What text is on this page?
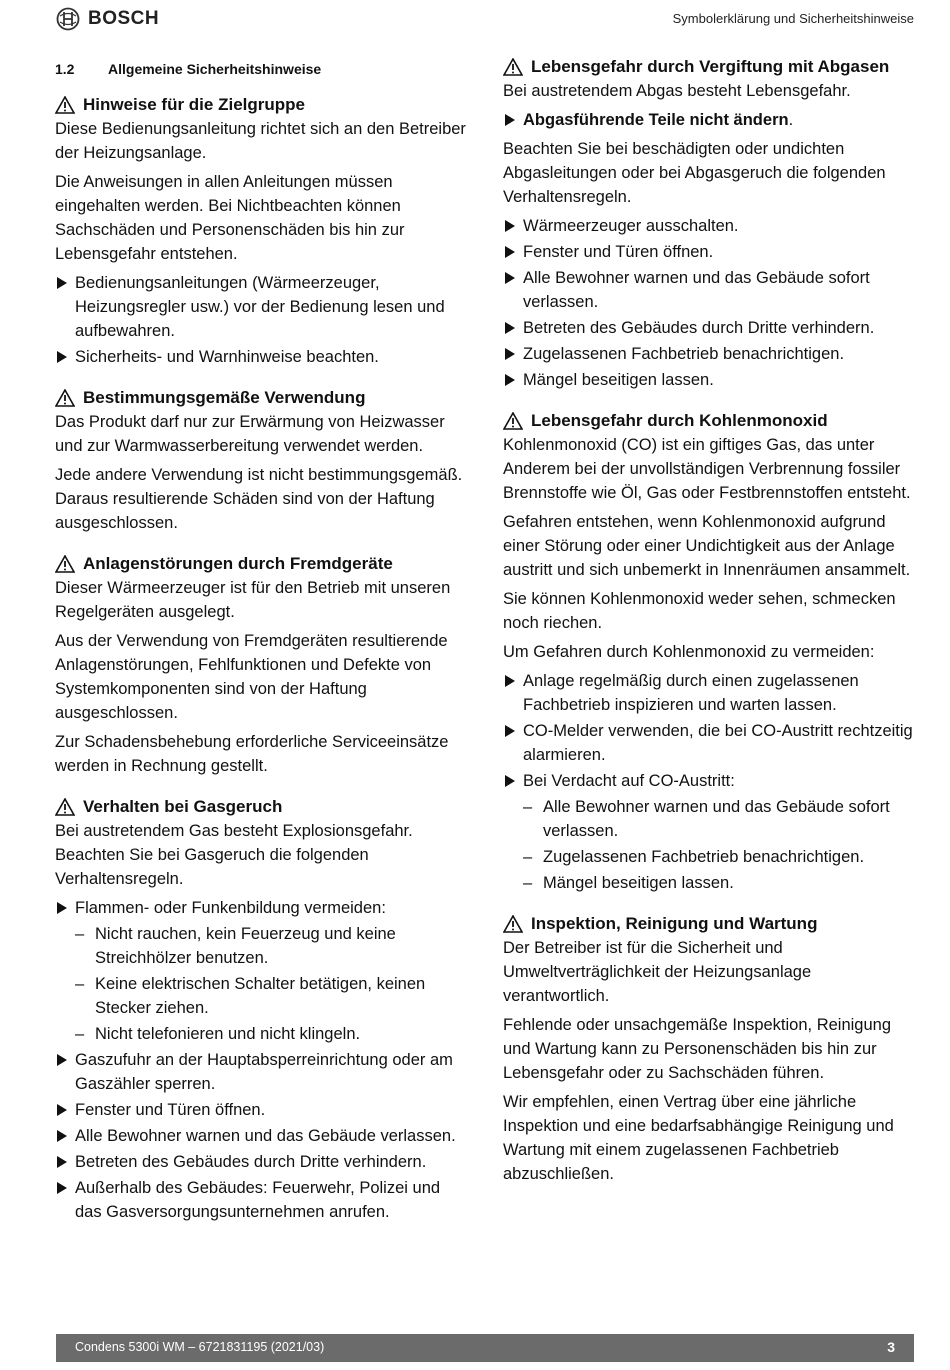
BOSCH	Symbolerklärung und Sicherheitshinweise
1.2 Allgemeine Sicherheitshinweise
Hinweise für die Zielgruppe

Diese Bedienungsanleitung richtet sich an den Betreiber der Heizungsanlage.

Die Anweisungen in allen Anleitungen müssen eingehalten werden. Bei Nichtbeachten können Sachschäden und Personenschäden bis hin zur Lebensgefahr entstehen.

Bedienungsanleitungen (Wärmeerzeuger, Heizungsregler usw.) vor der Bedienung lesen und aufbewahren.
Sicherheits- und Warnhinweise beachten.
Bestimmungsgemäße Verwendung

Das Produkt darf nur zur Erwärmung von Heizwasser und zur Warmwasserbereitung verwendet werden.

Jede andere Verwendung ist nicht bestimmungsgemäß. Daraus resultierende Schäden sind von der Haftung ausgeschlossen.

Anlagenstörungen durch Fremdgeräte

Dieser Wärmeerzeuger ist für den Betrieb mit unseren Regelgeräten ausgelegt.

Aus der Verwendung von Fremdgeräten resultierende Anlagenstörungen, Fehlfunktionen und Defekte von Systemkomponenten sind von der Haftung ausgeschlossen.

Zur Schadensbehebung erforderliche Serviceeinsätze werden in Rechnung gestellt.

Verhalten bei Gasgeruch

Bei austretendem Gas besteht Explosionsgefahr. Beachten Sie bei Gasgeruch die folgenden Verhaltensregeln.

Flammen- oder Funkenbildung vermeiden:
– Nicht rauchen, kein Feuerzeug und keine Streichhölzer benutzen.
– Keine elektrischen Schalter betätigen, keinen Stecker ziehen.
– Nicht telefonieren und nicht klingeln.
Gaszufuhr an der Hauptabsperreinrichtung oder am Gaszähler sperren.
Fenster und Türen öffnen.
Alle Bewohner warnen und das Gebäude verlassen.
Betreten des Gebäudes durch Dritte verhindern.
Außerhalb des Gebäudes: Feuerwehr, Polizei und das Gasversorgungsunternehmen anrufen.
Lebensgefahr durch Vergiftung mit Abgasen

Bei austretendem Abgas besteht Lebensgefahr.

Abgasführende Teile nicht ändern.

Beachten Sie bei beschädigten oder undichten Abgasleitungen oder bei Abgasgeruch die folgenden Verhaltensregeln.

Wärmeerzeuger ausschalten.
Fenster und Türen öffnen.
Alle Bewohner warnen und das Gebäude sofort verlassen.
Betreten des Gebäudes durch Dritte verhindern.
Zugelassenen Fachbetrieb benachrichtigen.
Mängel beseitigen lassen.
Lebensgefahr durch Kohlenmonoxid

Kohlenmonoxid (CO) ist ein giftiges Gas, das unter Anderem bei der unvollständigen Verbrennung fossiler Brennstoffe wie Öl, Gas oder Festbrennstoffen entsteht.

Gefahren entstehen, wenn Kohlenmonoxid aufgrund einer Störung oder einer Undichtigkeit aus der Anlage austritt und sich unbemerkt in Innenräumen ansammelt.

Sie können Kohlenmonoxid weder sehen, schmecken noch riechen.

Um Gefahren durch Kohlenmonoxid zu vermeiden:

Anlage regelmäßig durch einen zugelassenen Fachbetrieb inspizieren und warten lassen.
CO-Melder verwenden, die bei CO-Austritt rechtzeitig alarmieren.
Bei Verdacht auf CO-Austritt:
– Alle Bewohner warnen und das Gebäude sofort verlassen.
– Zugelassenen Fachbetrieb benachrichtigen.
– Mängel beseitigen lassen.
Inspektion, Reinigung und Wartung

Der Betreiber ist für die Sicherheit und Umweltverträglichkeit der Heizungsanlage verantwortlich.

Fehlende oder unsachgemäße Inspektion, Reinigung und Wartung kann zu Personenschäden bis hin zur Lebensgefahr oder zu Sachschäden führen.

Wir empfehlen, einen Vertrag über eine jährliche Inspektion und eine bedarfsabhängige Reinigung und Wartung mit einem zugelassenen Fachbetrieb abzuschließen.

Condens 5300i WM – 6721831195 (2021/03)	3
